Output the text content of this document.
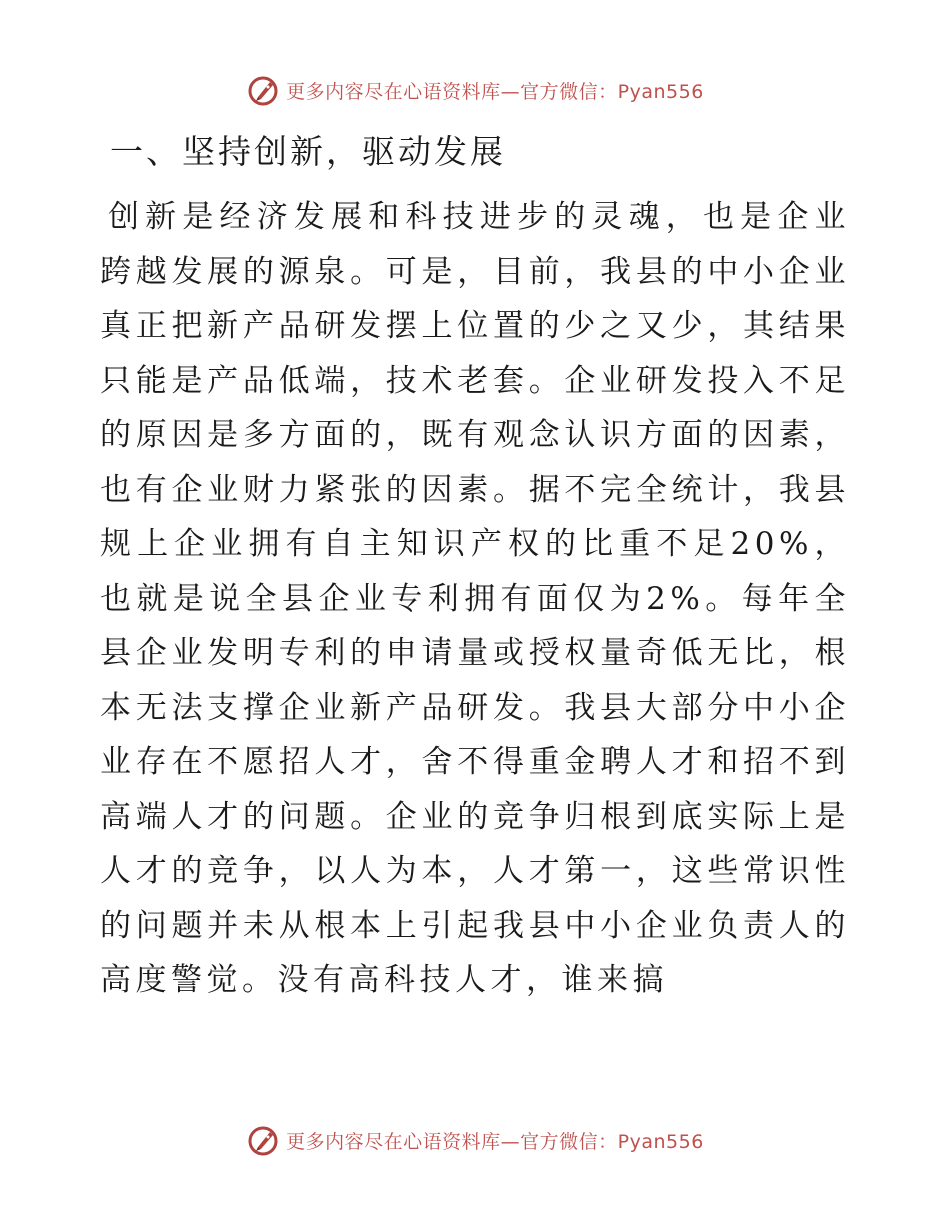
更多内容尽在心语资料库—官方微信：Pyan556
一、坚持创新，驱动发展

创新是经济发展和科技进步的灵魂，也是企业跨越发展的源泉。可是，目前，我县的中小企业真正把新产品研发摆上位置的少之又少，其结果只能是产品低端，技术老套。企业研发投入不足的原因是多方面的，既有观念认识方面的因素，也有企业财力紧张的因素。据不完全统计，我县规上企业拥有自主知识产权的比重不足20%，也就是说全县企业专利拥有面仅为2%。每年全县企业发明专利的申请量或授权量奇低无比，根本无法支撑企业新产品研发。我县大部分中小企业存在不愿招人才，舍不得重金聘人才和招不到高端人才的问题。企业的竞争归根到底实际上是人才的竞争，以人为本，人才第一，这些常识性的问题并未从根本上引起我县中小企业负责人的高度警觉。没有高科技人才，谁来搞

更多内容尽在心语资料库—官方微信：Pyan556
